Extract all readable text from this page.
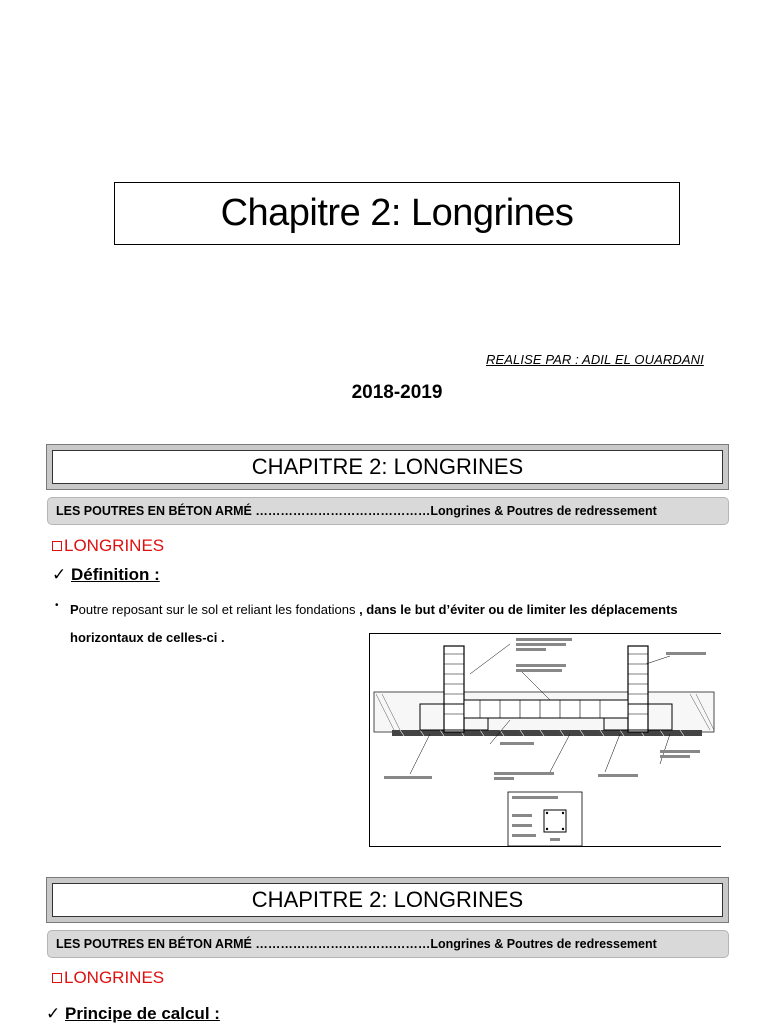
Chapitre 2: Longrines
REALISE PAR : ADIL EL OUARDANI
2018-2019
CHAPITRE 2: LONGRINES
LES POUTRES EN BÉTON ARMÉ ……………………………………Longrines & Poutres de redressement
LONGRINES
✓ Définition :
• Poutre reposant sur le sol et reliant les fondations , dans le but d’éviter ou de limiter les déplacements horizontaux de celles-ci .
CHAPITRE 2: LONGRINES
LES POUTRES EN BÉTON ARMÉ ……………………………………Longrines & Poutres de redressement
LONGRINES
✓ Principe de calcul :
